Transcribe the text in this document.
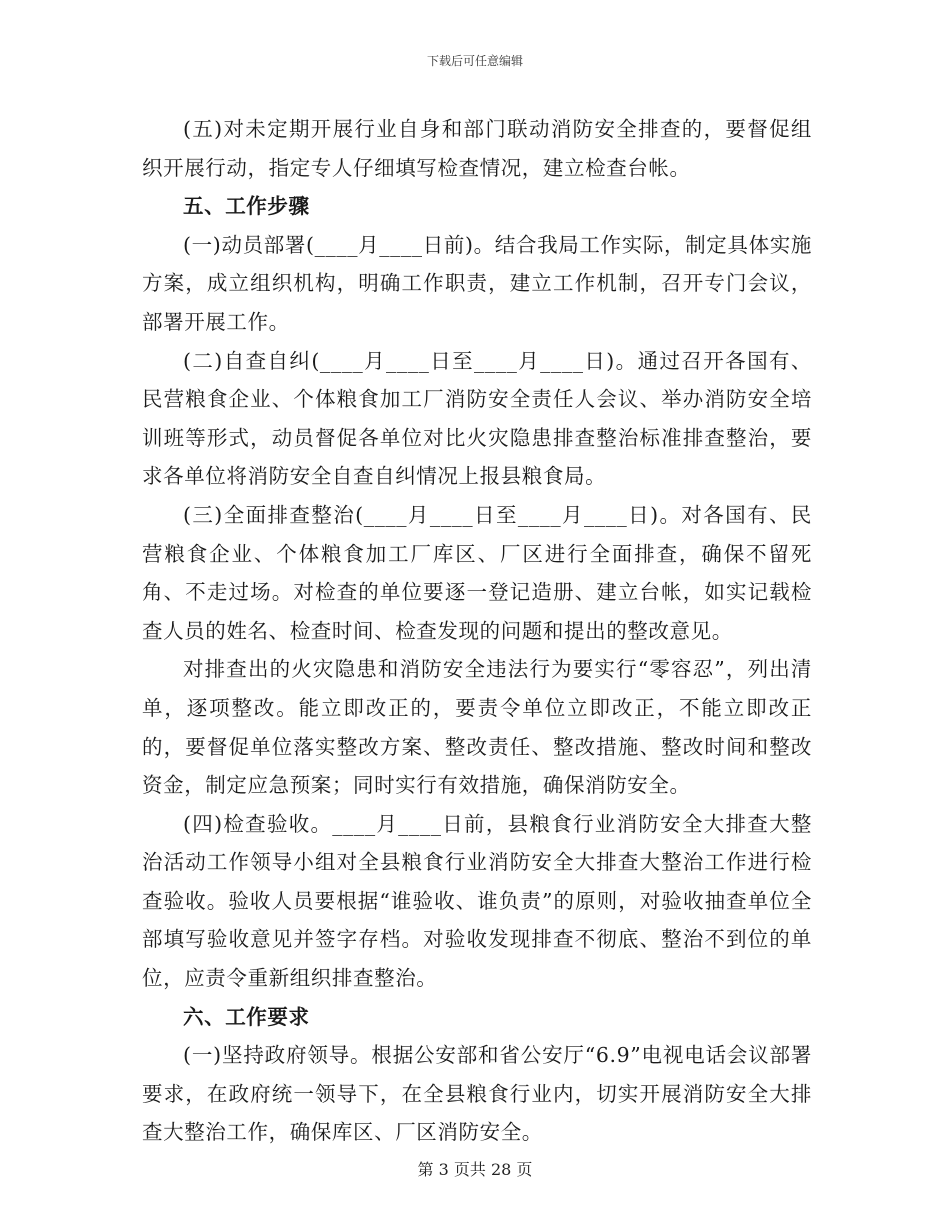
下载后可任意编辑

(五)对未定期开展行业自身和部门联动消防安全排查的，要督促组织开展行动，指定专人仔细填写检查情况，建立检查台帐。

五、工作步骤

(一)动员部署(____月____日前)。结合我局工作实际，制定具体实施方案，成立组织机构，明确工作职责，建立工作机制，召开专门会议，部署开展工作。

(二)自查自纠(____月____日至____月____日)。通过召开各国有、民营粮食企业、个体粮食加工厂消防安全责任人会议、举办消防安全培训班等形式，动员督促各单位对比火灾隐患排查整治标准排查整治，要求各单位将消防安全自查自纠情况上报县粮食局。

(三)全面排查整治(____月____日至____月____日)。对各国有、民营粮食企业、个体粮食加工厂库区、厂区进行全面排查，确保不留死角、不走过场。对检查的单位要逐一登记造册、建立台帐，如实记载检查人员的姓名、检查时间、检查发现的问题和提出的整改意见。

对排查出的火灾隐患和消防安全违法行为要实行“零容忍”，列出清单，逐项整改。能立即改正的，要责令单位立即改正，不能立即改正的，要督促单位落实整改方案、整改责任、整改措施、整改时间和整改资金，制定应急预案；同时实行有效措施，确保消防安全。

(四)检查验收。____月____日前，县粮食行业消防安全大排查大整治活动工作领导小组对全县粮食行业消防安全大排查大整治工作进行检查验收。验收人员要根据“谁验收、谁负责”的原则，对验收抽查单位全部填写验收意见并签字存档。对验收发现排查不彻底、整治不到位的单位，应责令重新组织排查整治。

六、工作要求

(一)坚持政府领导。根据公安部和省公安厅“6.9”电视电话会议部署要求，在政府统一领导下，在全县粮食行业内，切实开展消防安全大排查大整治工作，确保库区、厂区消防安全。

第 3 页共 28 页
